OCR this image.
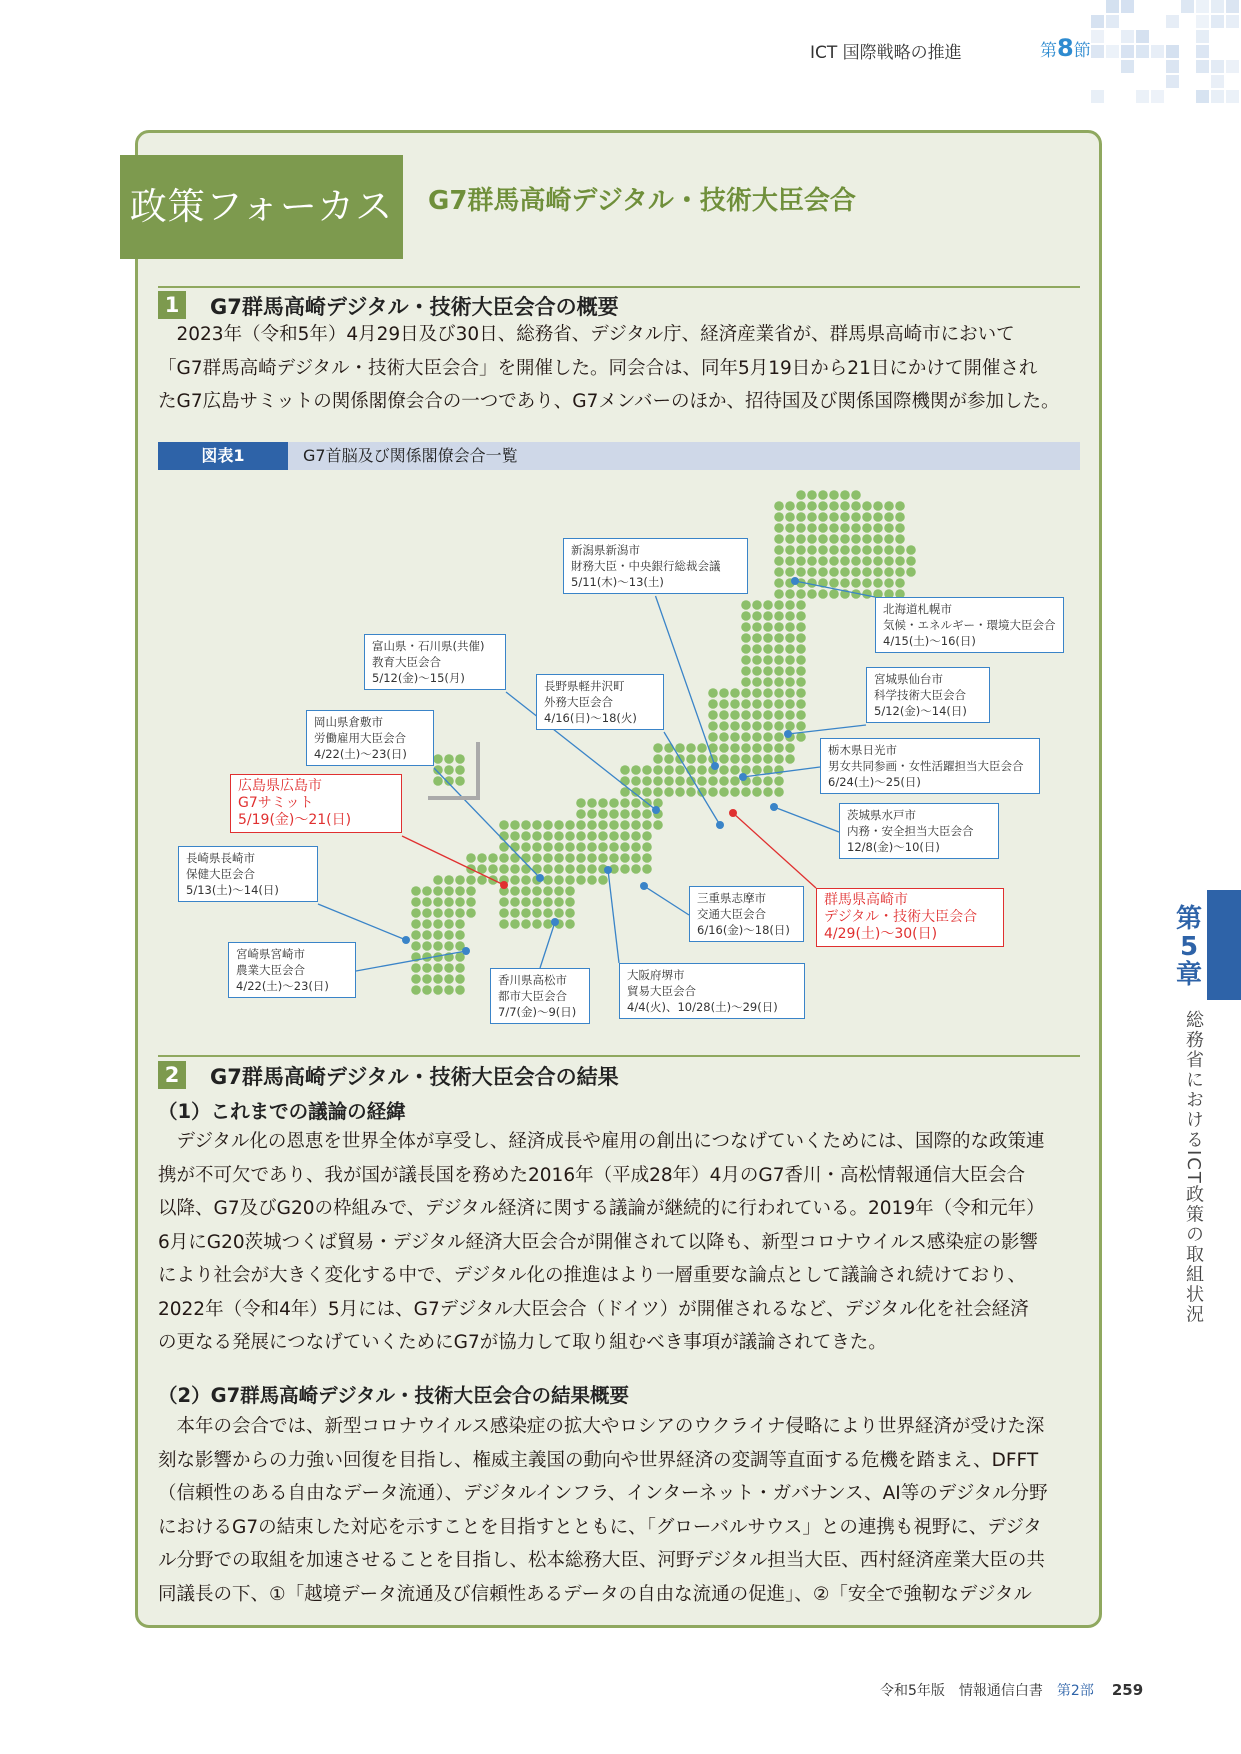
ICT 国際戦略の推進	第8節
政策フォーカス	G7群馬高崎デジタル・技術大臣会合
1	G7群馬高崎デジタル・技術大臣会合の概要
　2023年（令和5年）4月29日及び30日、総務省、デジタル庁、経済産業省が、群馬県高崎市において
「G7群馬高崎デジタル・技術大臣会合」を開催した。同会合は、同年5月19日から21日にかけて開催され
たG7広島サミットの関係閣僚会合の一つであり、G7メンバーのほか、招待国及び関係国際機関が参加した。
図表1	G7首脳及び関係閣僚会合一覧
新潟県新潟市
財務大臣・中央銀行総裁会議
5/11(木)～13(土)
北海道札幌市
気候・エネルギー・環境大臣会合
4/15(土)～16(日)
富山県・石川県(共催)
教育大臣会合
5/12(金)～15(月)
長野県軽井沢町
外務大臣会合
4/16(日)～18(火)
宮城県仙台市
科学技術大臣会合
5/12(金)～14(日)
岡山県倉敷市
労働雇用大臣会合
4/22(土)～23(日)	栃木県日光市
男女共同参画・女性活躍担当大臣会合
6/24(土)～25(日)
広島県広島市
G7サミット
5/19(金)～21(日)	茨城県水戸市
内務・安全担当大臣会合
12/8(金)～10(日)
長崎県長崎市
保健大臣会合
5/13(土)～14(日)
三重県志摩市
交通大臣会合
6/16(金)～18(日)
群馬県高崎市
デジタル・技術大臣会合
4/29(土)～30(日)
宮崎県宮崎市
農業大臣会合
4/22(土)～23(日)	香川県高松市
都市大臣会合
7/7(金)～9(日)
大阪府堺市
貿易大臣会合
4/4(火)、10/28(土)～29(日)
2	G7群馬高崎デジタル・技術大臣会合の結果
（1）これまでの議論の経緯
　デジタル化の恩恵を世界全体が享受し、経済成長や雇用の創出につなげていくためには、国際的な政策連
携が不可欠であり、我が国が議長国を務めた2016年（平成28年）4月のG7香川・高松情報通信大臣会合
以降、G7及びG20の枠組みで、デジタル経済に関する議論が継続的に行われている。2019年（令和元年）
6月にG20茨城つくば貿易・デジタル経済大臣会合が開催されて以降も、新型コロナウイルス感染症の影響
により社会が大きく変化する中で、デジタル化の推進はより一層重要な論点として議論され続けており、
2022年（令和4年）5月には、G7デジタル大臣会合（ドイツ）が開催されるなど、デジタル化を社会経済
の更なる発展につなげていくためにG7が協力して取り組むべき事項が議論されてきた。
（2）G7群馬高崎デジタル・技術大臣会合の結果概要
　本年の会合では、新型コロナウイルス感染症の拡大やロシアのウクライナ侵略により世界経済が受けた深
刻な影響からの力強い回復を目指し、権威主義国の動向や世界経済の変調等直面する危機を踏まえ、DFFT
（信頼性のある自由なデータ流通）、デジタルインフラ、インターネット・ガバナンス、AI等のデジタル分野
におけるG7の結束した対応を示すことを目指すとともに、「グローバルサウス」との連携も視野に、デジタ
ル分野での取組を加速させることを目指し、松本総務大臣、河野デジタル担当大臣、西村経済産業大臣の共
同議長の下、①「越境データ流通及び信頼性あるデータの自由な流通の促進」、②「安全で強靭なデジタル
第
5
章
総務省におけるICT政策の取組状況
令和5年版　情報通信白書　 第2部 259
